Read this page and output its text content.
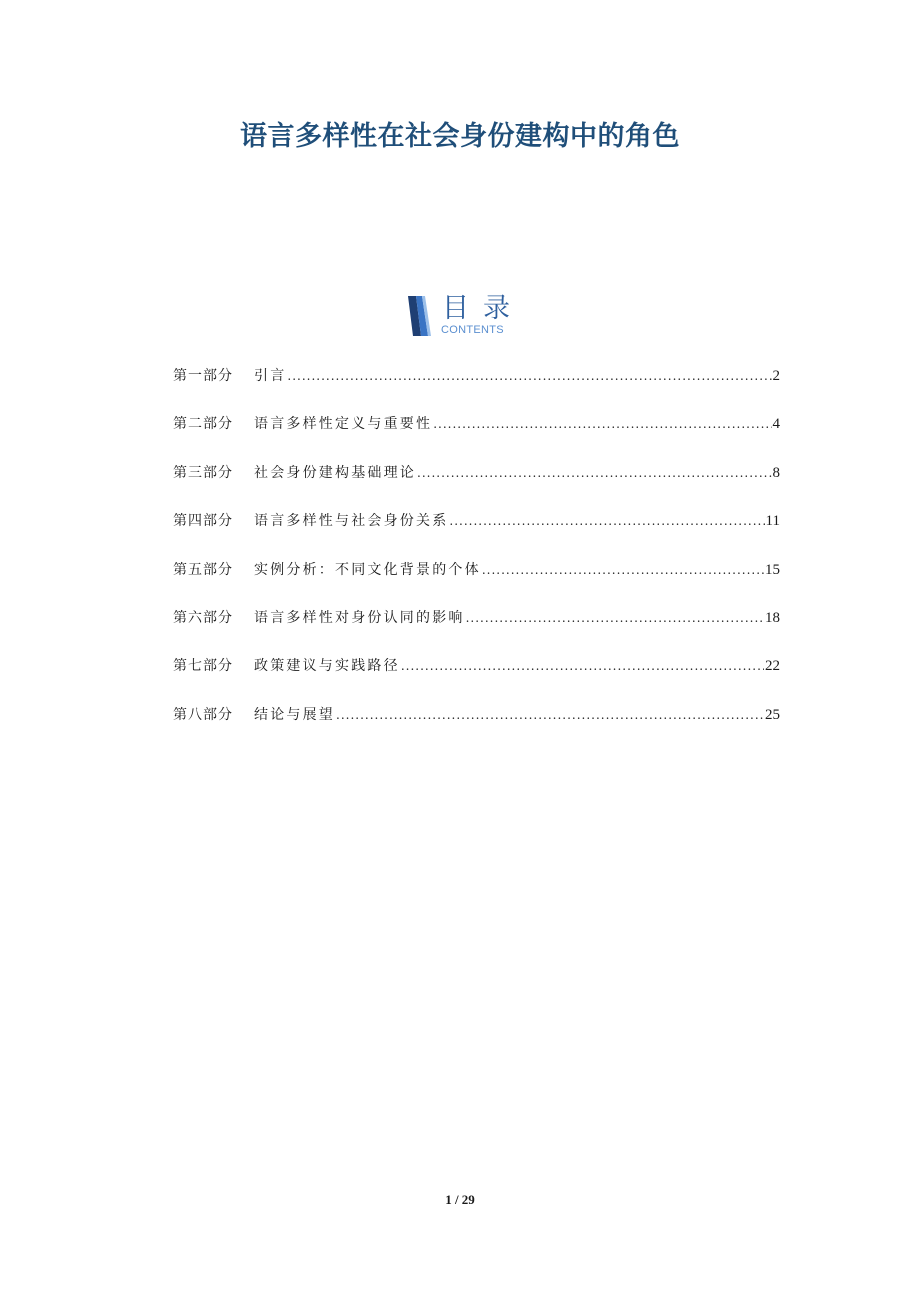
语言多样性在社会身份建构中的角色
目录
CONTENTS
第一部分	引言 .....	2
第二部分	语言多样性定义与重要性 .....	4
第三部分	社会身份建构基础理论 .....	8
第四部分	语言多样性与社会身份关系 .....	11
第五部分	实例分析：不同文化背景的个体 .....	15
第六部分	语言多样性对身份认同的影响 .....	18
第七部分	政策建议与实践路径 .....	22
第八部分	结论与展望 .....	25
1 / 29
